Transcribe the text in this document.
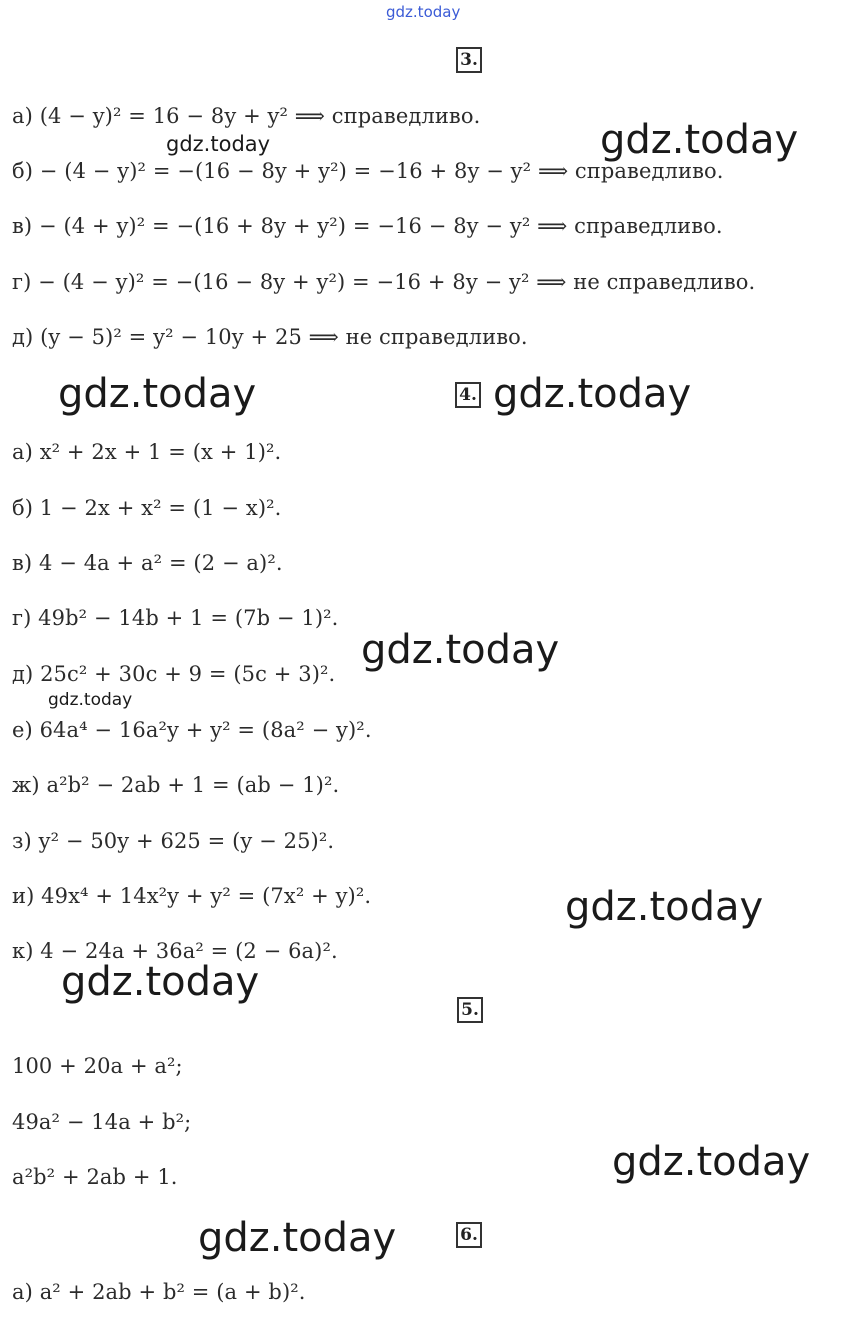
gdz.today
3.
а) (4 − y)² = 16 − 8y + y² ⟹ справедливо.
б) − (4 − y)² = −(16 − 8y + y²) = −16 + 8y − y² ⟹ справедливо.
в) − (4 + y)² = −(16 + 8y + y²) = −16 − 8y − y² ⟹ справедливо.
г) − (4 − y)² = −(16 − 8y + y²) = −16 + 8y − y² ⟹ не справедливо.
д) (y − 5)² = y² − 10y + 25 ⟹ не справедливо.
4.
а) x² + 2x + 1 = (x + 1)².
б) 1 − 2x + x² = (1 − x)².
в) 4 − 4a + a² = (2 − a)².
г) 49b² − 14b + 1 = (7b − 1)².
д) 25c² + 30c + 9 = (5c + 3)².
е) 64a⁴ − 16a²y + y² = (8a² − y)².
ж) a²b² − 2ab + 1 = (ab − 1)².
з) y² − 50y + 625 = (y − 25)².
и) 49x⁴ + 14x²y + y² = (7x² + y)².
к) 4 − 24a + 36a² = (2 − 6a)².
5.
100 + 20a + a²;
49a² − 14a + b²;
a²b² + 2ab + 1.
6.
а) a² + 2ab + b² = (a + b)².
gdz.today	gdz.today
gdz.today	gdz.today
gdz.today
gdz.today
gdz.today
gdz.today
gdz.today
gdz.today
